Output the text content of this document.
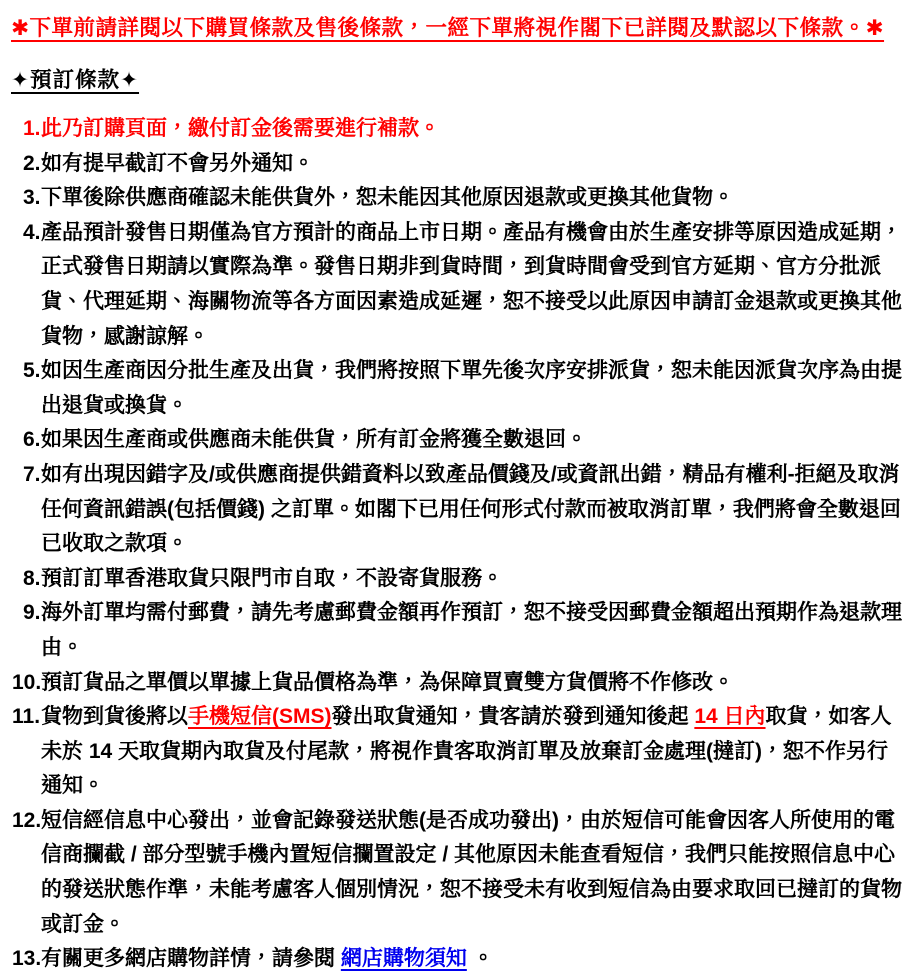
✱下單前請詳閱以下購買條款及售後條款，一經下單將視作閣下已詳閱及默認以下條款。✱
✦預訂條款✦
1.此乃訂購頁面，繳付訂金後需要進行補款。
2.如有提早截訂不會另外通知。
3.下單後除供應商確認未能供貨外，恕未能因其他原因退款或更換其他貨物。
4.產品預計發售日期僅為官方預計的商品上市日期。產品有機會由於生產安排等原因造成延期，正式發售日期請以實際為準。發售日期非到貨時間，到貨時間會受到官方延期、官方分批派貨、代理延期、海關物流等各方面因素造成延遲，恕不接受以此原因申請訂金退款或更換其他貨物，感謝諒解。
5.如因生產商因分批生產及出貨，我們將按照下單先後次序安排派貨，恕未能因派貨次序為由提出退貨或換貨。
6.如果因生產商或供應商未能供貨，所有訂金將獲全數退回。
7.如有出現因錯字及/或供應商提供錯資料以致產品價錢及/或資訊出錯，精品有權利-拒絕及取消任何資訊錯誤(包括價錢) 之訂單。如閣下已用任何形式付款而被取消訂單，我們將會全數退回已收取之款項。
8.預訂訂單香港取貨只限門市自取，不設寄貨服務。
9.海外訂單均需付郵費，請先考慮郵費金額再作預訂，恕不接受因郵費金額超出預期作為退款理由。
10.預訂貨品之單價以單據上貨品價格為準，為保障買賣雙方貨價將不作修改。
11.貨物到貨後將以手機短信(SMS)發出取貨通知，貴客請於發到通知後起 14 日內取貨，如客人未於 14 天取貨期內取貨及付尾款，將視作貴客取消訂單及放棄訂金處理(撻訂)，恕不作另行通知。
12.短信經信息中心發出，並會記錄發送狀態(是否成功發出)，由於短信可能會因客人所使用的電信商攔截 / 部分型號手機內置短信攔置設定 / 其他原因未能查看短信，我們只能按照信息中心的發送狀態作準，未能考慮客人個別情況，恕不接受未有收到短信為由要求取回已撻訂的貨物或訂金。
13.有關更多網店購物詳情，請參閱 網店購物須知 。
